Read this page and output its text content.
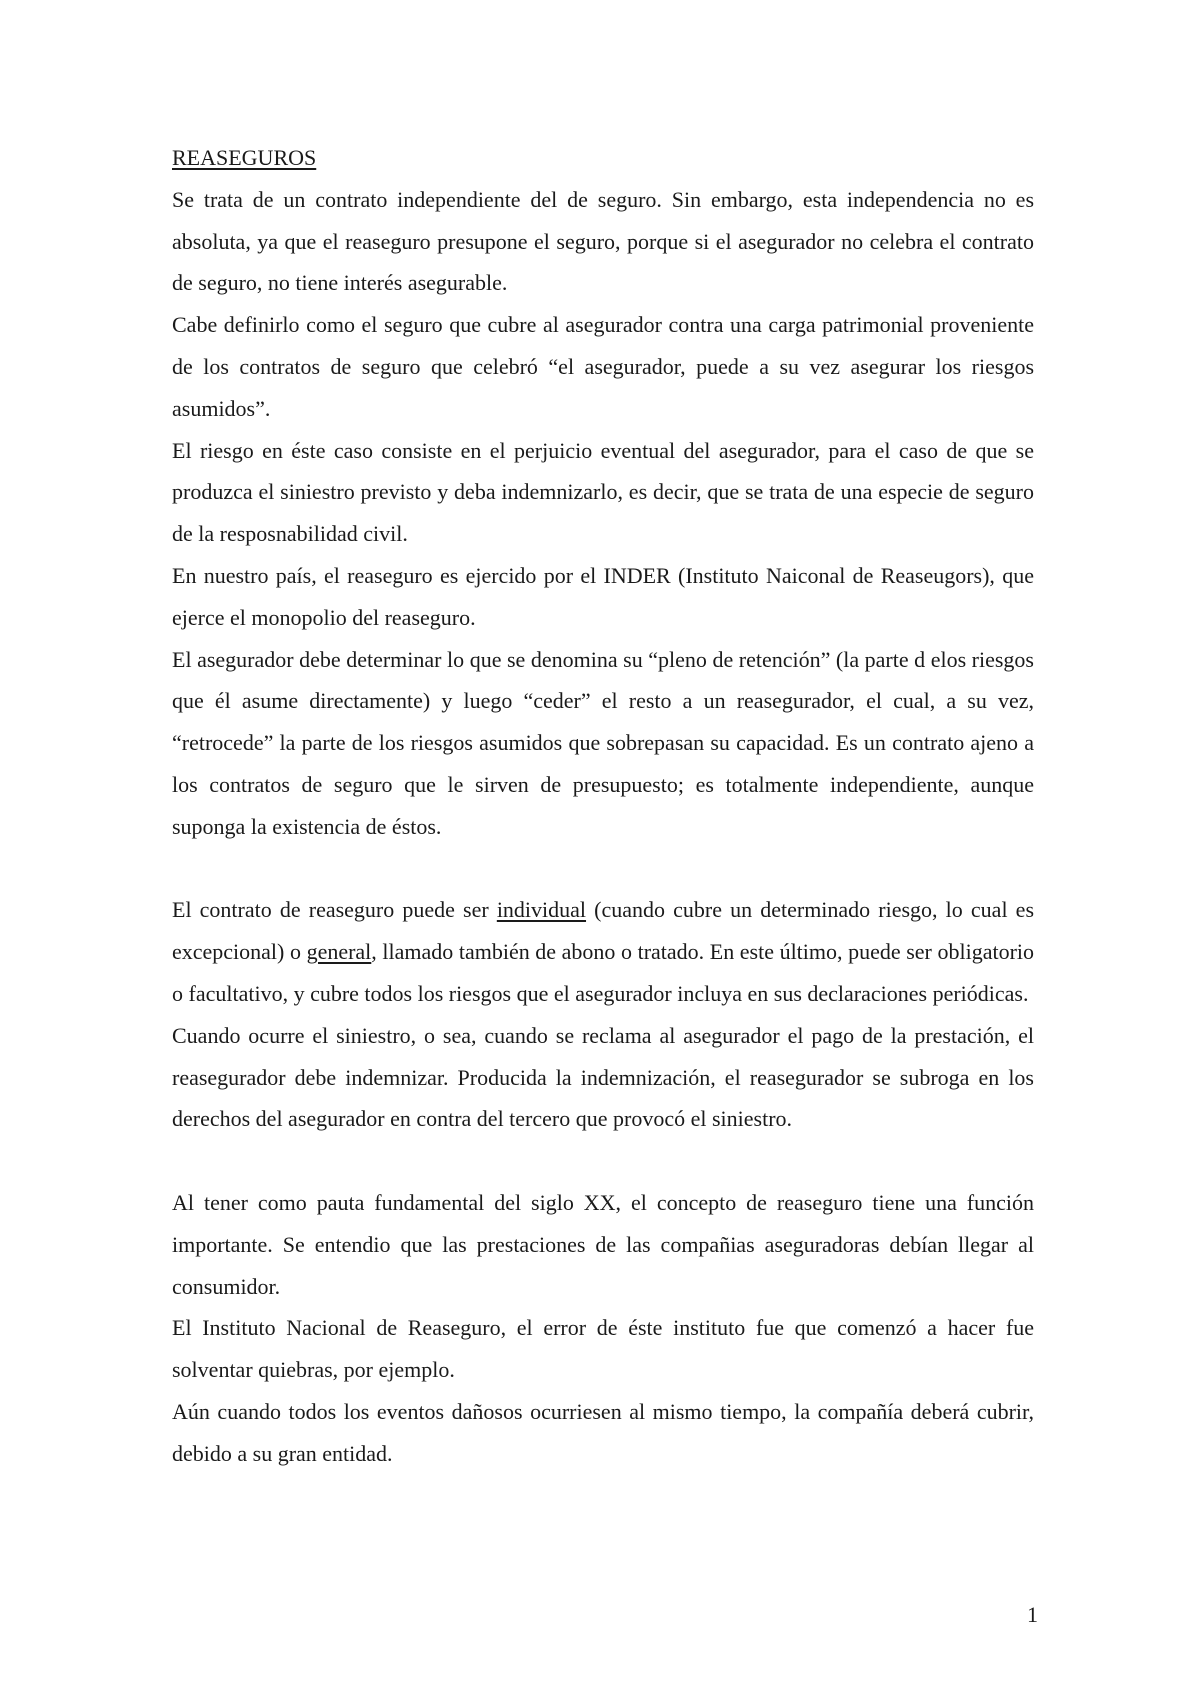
REASEGUROS

Se trata de un contrato independiente del de seguro. Sin embargo, esta independencia no es absoluta, ya que el reaseguro presupone el seguro, porque si el asegurador no celebra el contrato de seguro, no tiene interés asegurable.

Cabe definirlo como el seguro que cubre al asegurador contra una carga patrimonial proveniente de los contratos de seguro que celebró “el asegurador, puede a su vez asegurar los riesgos asumidos”.

El riesgo en éste caso consiste en el perjuicio eventual del asegurador, para el caso de que se produzca el siniestro previsto y deba indemnizarlo, es decir, que se trata de una especie de seguro de la resposnabilidad civil.

En nuestro país, el reaseguro es ejercido por el INDER (Instituto Naiconal de Reaseugors), que ejerce el monopolio del reaseguro.

El asegurador debe determinar lo que se denomina su “pleno de retención” (la parte d elos riesgos que él asume directamente) y luego “ceder” el resto a un reasegurador, el cual, a su vez, “retrocede” la parte de los riesgos asumidos que sobrepasan su capacidad. Es un contrato ajeno a los contratos de seguro que le sirven de presupuesto; es totalmente independiente, aunque suponga la existencia de éstos.

El contrato de reaseguro puede ser individual (cuando cubre un determinado riesgo, lo cual es excepcional) o general, llamado también de abono o tratado. En este último, puede ser obligatorio o facultativo, y cubre todos los riesgos que el asegurador incluya en sus declaraciones periódicas.

Cuando ocurre el siniestro, o sea, cuando se reclama al asegurador el pago de la prestación, el reasegurador debe indemnizar. Producida la indemnización, el reasegurador se subroga en los derechos del asegurador en contra del tercero que provocó el siniestro.

Al tener como pauta fundamental del siglo XX, el concepto de reaseguro tiene una función importante. Se entendio que las prestaciones de las compañias aseguradoras debían llegar al consumidor.

El Instituto Nacional de Reaseguro, el error de éste instituto fue que comenzó a hacer fue solventar quiebras, por ejemplo.

Aún cuando todos los eventos dañosos ocurriesen al mismo tiempo, la compañía deberá cubrir, debido a su gran entidad.

1
